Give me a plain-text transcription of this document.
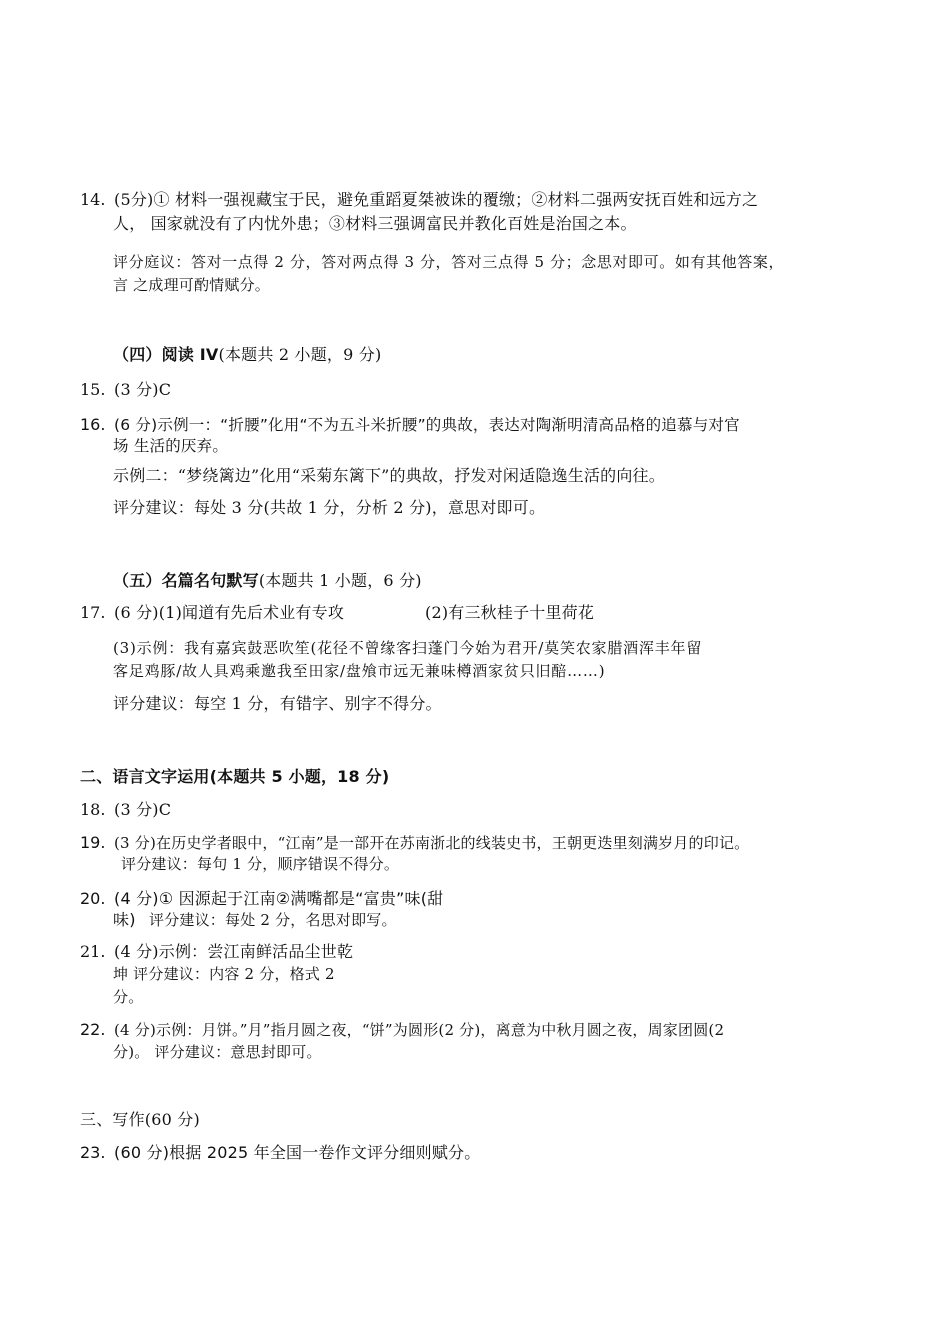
14. (5分)① 材料一强视藏宝于民，避免重蹈夏桀被诛的覆缴；②材料二强两安抚百姓和远方之
人， 国家就没有了内忧外患；③材料三强调富民并教化百姓是治国之本。
评分庭议：答对一点得 2 分，答对两点得 3 分，答对三点得 5 分；念思对即可。如有其他答案，
言 之成理可酌情赋分。
（四）阅读 IV(本题共 2 小题，9 分)
15. (3 分)C
16. (6 分)示例一：“折腰”化用“不为五斗米折腰”的典故，表达对陶渐明清高品格的追慕与对官
场 生活的厌弃。
示例二：“梦绕篱边”化用“采菊东篱下”的典故，抒发对闲适隐逸生活的向往。
评分建议：每处 3 分(共故 1 分，分析 2 分)，意思对即可。
（五）名篇名句默写(本题共 1 小题，6 分)
17. (6 分)(1)闻道有先后术业有专攻	(2)有三秋桂子十里荷花
(3)示例：我有嘉宾鼓恶吹笙(花径不曾缘客扫蓬门今始为君开/莫笑农家腊酒浑丰年留
客足鸡豚/故人具鸡乘邀我至田家/盘飧市远无兼味樽酒家贫只旧醅……)
评分建议：每空 1 分，有错字、别字不得分。
二、语言文字运用(本题共 5 小题，18 分)
18. (3 分)C
19. (3 分)在历史学者眼中，“江南”是一部开在苏南浙北的线装史书，王朝更迭里刻满岁月的印记。
评分建议：每句 1 分，顺序错误不得分。
20. (4 分)① 因源起于江南②满嘴都是“富贵”味(甜
味) 评分建议：每处 2 分，名思对即写。
21. (4 分)示例：尝江南鲜活品尘世乾
坤 评分建议：内容 2 分，格式 2
分。
22. (4 分)示例：月饼。”月”指月圆之夜，“饼”为圆形(2 分)，离意为中秋月圆之夜，周家团圆(2
分)。 评分建议：意思封即可。
三、写作(60 分)
23. (60 分)根据 2025 年全国一卷作文评分细则赋分。
